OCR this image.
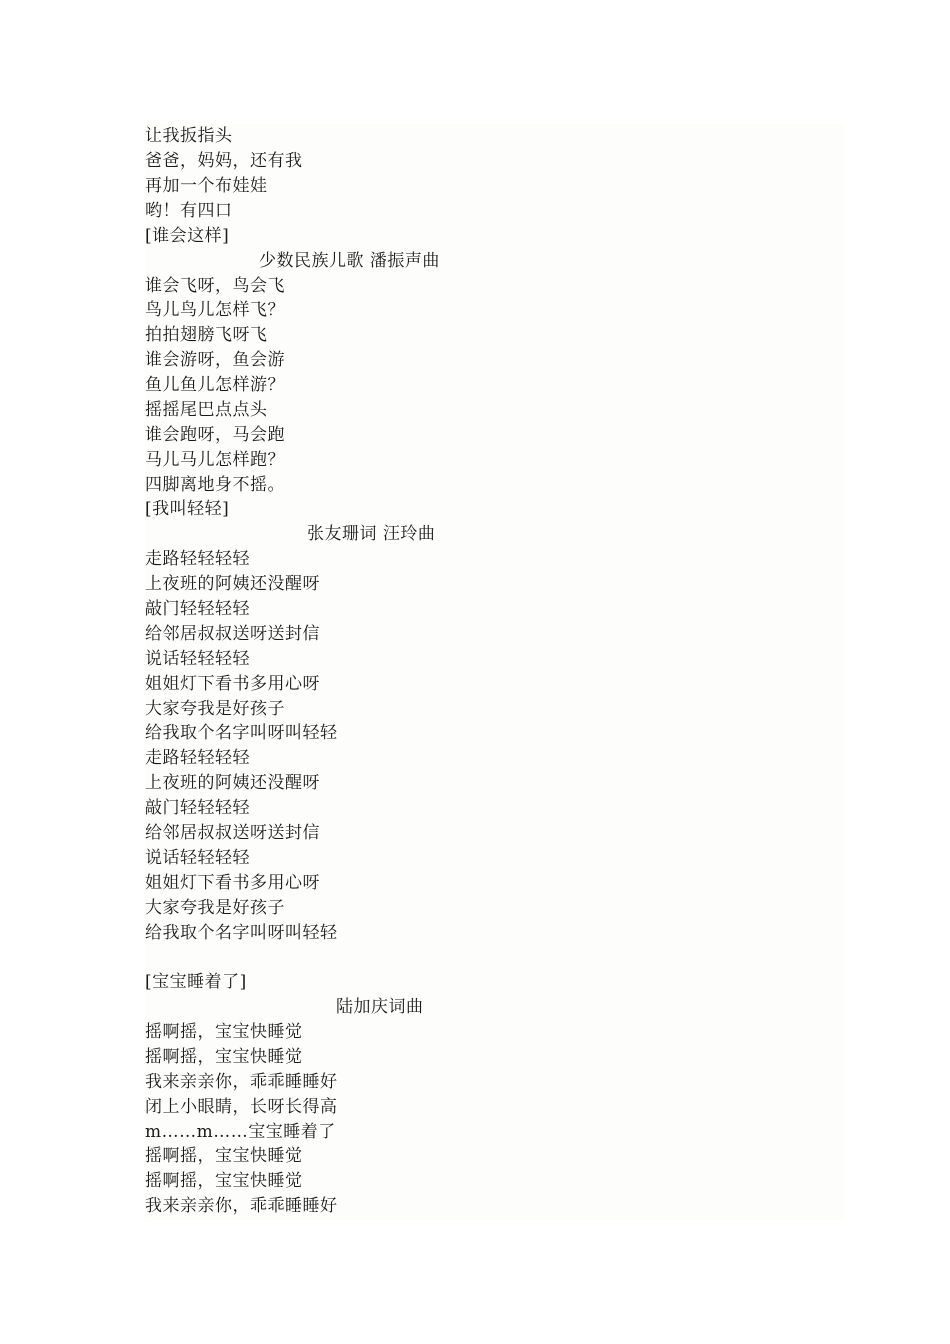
让我扳指头
爸爸，妈妈，还有我
再加一个布娃娃
哟！有四口
[谁会这样]
少数民族儿歌 潘振声曲
谁会飞呀，鸟会飞
鸟儿鸟儿怎样飞？
拍拍翅膀飞呀飞
谁会游呀，鱼会游
鱼儿鱼儿怎样游？
摇摇尾巴点点头
谁会跑呀，马会跑
马儿马儿怎样跑？
四脚离地身不摇。
[我叫轻轻]
张友珊词 汪玲曲
走路轻轻轻轻
上夜班的阿姨还没醒呀
敲门轻轻轻轻
给邻居叔叔送呀送封信
说话轻轻轻轻
姐姐灯下看书多用心呀
大家夸我是好孩子
给我取个名字叫呀叫轻轻
走路轻轻轻轻
上夜班的阿姨还没醒呀
敲门轻轻轻轻
给邻居叔叔送呀送封信
说话轻轻轻轻
姐姐灯下看书多用心呀
大家夸我是好孩子
给我取个名字叫呀叫轻轻
[宝宝睡着了]
陆加庆词曲
摇啊摇，宝宝快睡觉
摇啊摇，宝宝快睡觉
我来亲亲你，乖乖睡睡好
闭上小眼睛，长呀长得高
m……m……宝宝睡着了
摇啊摇，宝宝快睡觉
摇啊摇，宝宝快睡觉
我来亲亲你，乖乖睡睡好
